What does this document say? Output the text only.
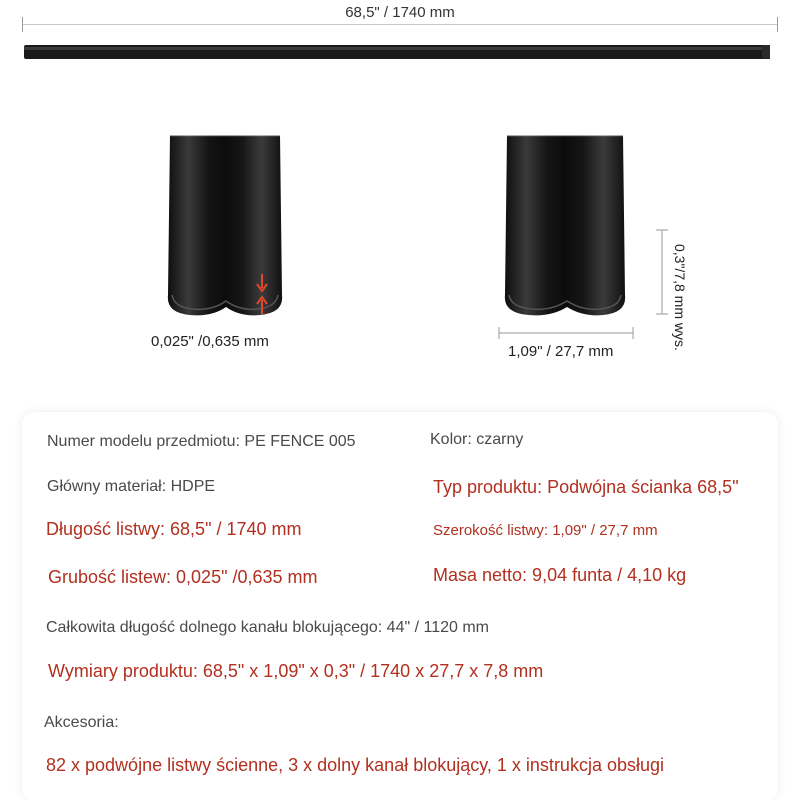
68,5" / 1740 mm
0,025" /0,635 mm
1,09" / 27,7 mm
0,3"/7,8 mm wys.
Numer modelu przedmiotu: PE FENCE 005	Kolor: czarny
Główny materiał: HDPE	Typ produktu: Podwójna ścianka 68,5"
Długość listwy: 68,5" / 1740 mm	Szerokość listwy: 1,09" / 27,7 mm
Grubość listew: 0,025" /0,635 mm	Masa netto: 9,04 funta / 4,10 kg
Całkowita długość dolnego kanału blokującego: 44" / 1120 mm
Wymiary produktu: 68,5" x 1,09" x 0,3" / 1740 x 27,7 x 7,8 mm
Akcesoria:
82 x podwójne listwy ścienne, 3 x dolny kanał blokujący, 1 x instrukcja obsługi
